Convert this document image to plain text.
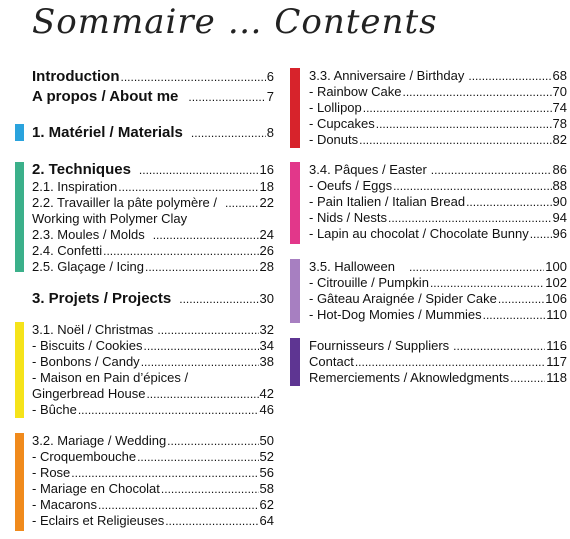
Sommaire … Contents
Introduction .....	6
A propos / About me .....	7
1. Matériel / Materials .....	8
2. Techniques .....	16
2.1. Inspiration .....	18
2.2. Travailler la pâte polymère / .....	22
Working with Polymer Clay
2.3. Moules / Molds .....	24
2.4. Confetti .....	26
2.5. Glaçage / Icing .....	28
3. Projets / Projects .....	30
3.1. Noël / Christmas .....	32
- Biscuits / Cookies .....	34
- Bonbons / Candy .....	38
- Maison en Pain d’épices /
Gingerbread House .....	42
- Bûche .....	46
3.2. Mariage / Wedding .....	50
- Croquembouche .....	52
- Rose .....	56
- Mariage en Chocolat .....	58
- Macarons .....	62
- Eclairs et Religieuses .....	64
3.3. Anniversaire / Birthday .....	68
- Rainbow Cake .....	70
- Lollipop .....	74
- Cupcakes .....	78
- Donuts .....	82
3.4. Pâques / Easter .....	86
- Oeufs / Eggs .....	88
- Pain Italien / Italian Bread .....	90
- Nids / Nests .....	94
- Lapin au chocolat / Chocolate Bunny ..... 96
3.5. Halloween .....	100
- Citrouille / Pumpkin .....	102
- Gâteau Araignée / Spider Cake .....	106
- Hot-Dog Momies / Mummies .....	110
Fournisseurs / Suppliers .....	116
Contact .....	117
Remerciements / Aknowledgments .....	118
